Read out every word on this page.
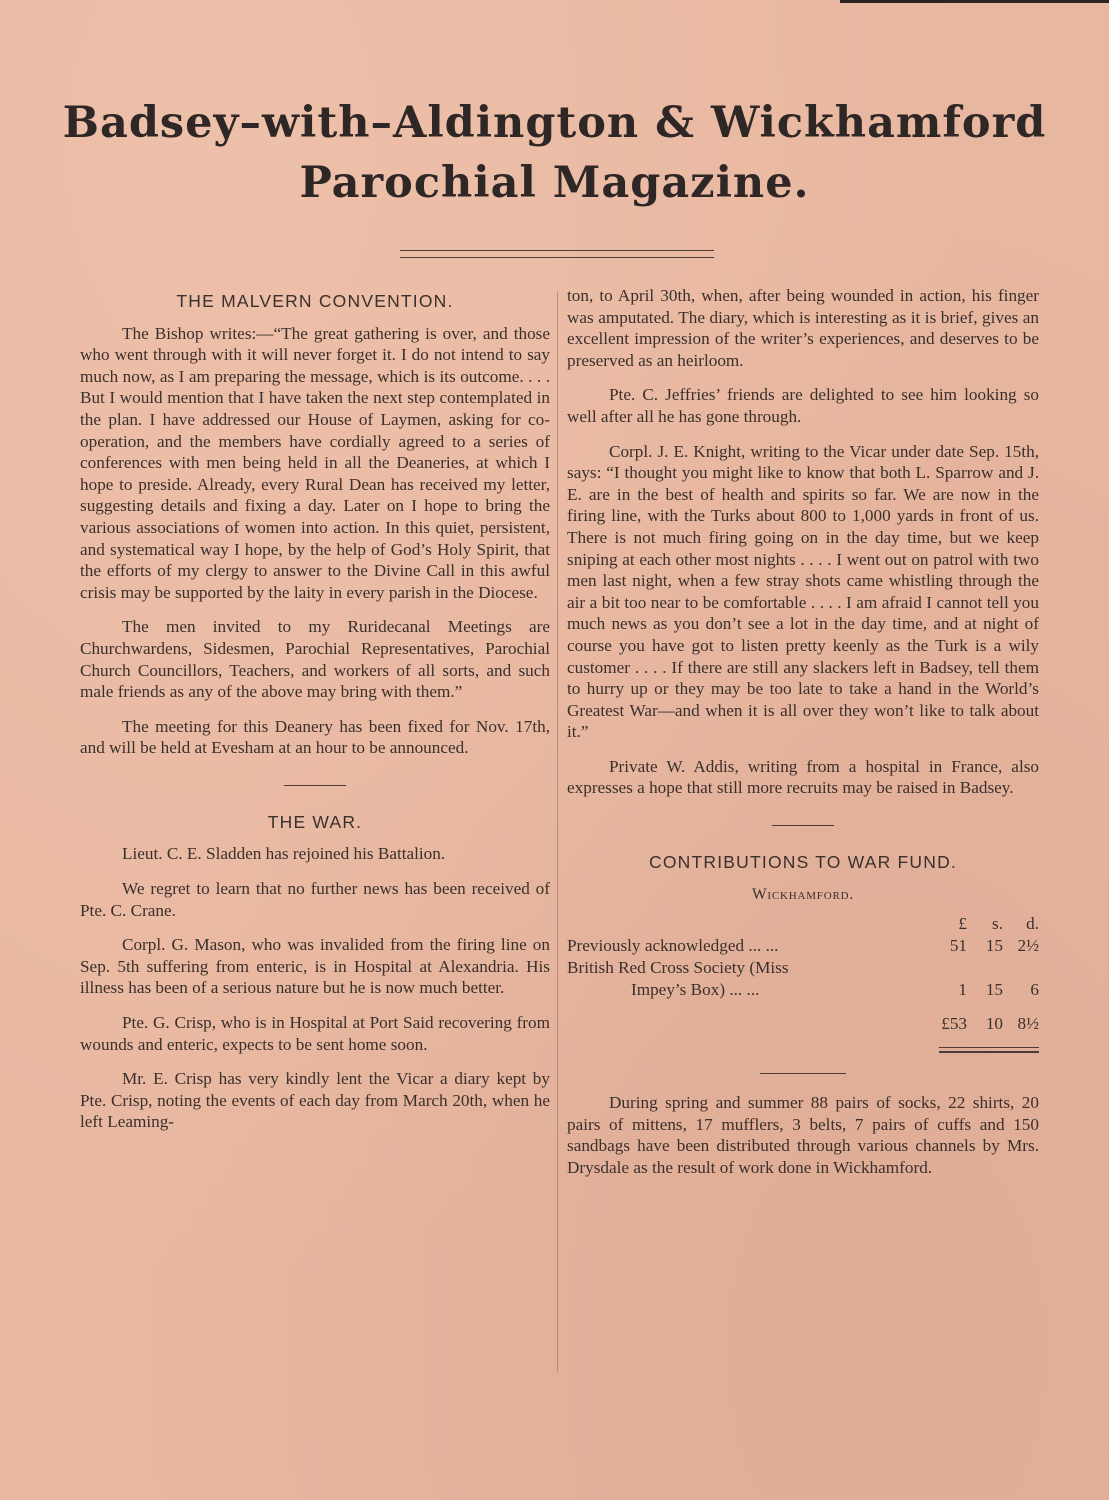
Badsey–with–Aldington & Wickhamford
Parochial Magazine.
THE MALVERN CONVENTION.

The Bishop writes:—“The great gathering is over, and those who went through with it will never forget it. I do not intend to say much now, as I am preparing the message, which is its outcome. . . . But I would mention that I have taken the next step contemplated in the plan. I have addressed our House of Laymen, asking for co-operation, and the members have cordially agreed to a series of conferences with men being held in all the Deaneries, at which I hope to preside. Already, every Rural Dean has received my letter, suggesting details and fixing a day. Later on I hope to bring the various associations of women into action. In this quiet, persistent, and systematical way I hope, by the help of God’s Holy Spirit, that the efforts of my clergy to answer to the Divine Call in this awful crisis may be supported by the laity in every parish in the Diocese.

The men invited to my Ruridecanal Meetings are Churchwardens, Sidesmen, Parochial Representatives, Parochial Church Councillors, Teachers, and workers of all sorts, and such male friends as any of the above may bring with them.”

The meeting for this Deanery has been fixed for Nov. 17th, and will be held at Evesham at an hour to be announced.

THE WAR.

Lieut. C. E. Sladden has rejoined his Battalion.

We regret to learn that no further news has been received of Pte. C. Crane.

Corpl. G. Mason, who was invalided from the firing line on Sep. 5th suffering from enteric, is in Hospital at Alexandria. His illness has been of a serious nature but he is now much better.

Pte. G. Crisp, who is in Hospital at Port Said recovering from wounds and enteric, expects to be sent home soon.

Mr. E. Crisp has very kindly lent the Vicar a diary kept by Pte. Crisp, noting the events of each day from March 20th, when he left Leaming-

ton, to April 30th, when, after being wounded in action, his finger was amputated. The diary, which is interesting as it is brief, gives an excellent impression of the writer’s experiences, and deserves to be preserved as an heirloom.

Pte. C. Jeffries’ friends are delighted to see him looking so well after all he has gone through.

Corpl. J. E. Knight, writing to the Vicar under date Sep. 15th, says: “I thought you might like to know that both L. Sparrow and J. E. are in the best of health and spirits so far. We are now in the firing line, with the Turks about 800 to 1,000 yards in front of us. There is not much firing going on in the day time, but we keep sniping at each other most nights . . . . I went out on patrol with two men last night, when a few stray shots came whistling through the air a bit too near to be comfortable . . . . I am afraid I cannot tell you much news as you don’t see a lot in the day time, and at night of course you have got to listen pretty keenly as the Turk is a wily customer . . . . If there are still any slackers left in Badsey, tell them to hurry up or they may be too late to take a hand in the World’s Greatest War—and when it is all over they won’t like to talk about it.”

Private W. Addis, writing from a hospital in France, also expresses a hope that still more recruits may be raised in Badsey.

CONTRIBUTIONS TO WAR FUND.
Wickhamford.
	£	s.	d.
Previously acknowledged ... ...	51	15	2½
British Red Cross Society (Miss			
Impey’s Box) ... ...	1	15	6
	£53	10	8½

During spring and summer 88 pairs of socks, 22 shirts, 20 pairs of mittens, 17 mufflers, 3 belts, 7 pairs of cuffs and 150 sandbags have been distributed through various channels by Mrs. Drysdale as the result of work done in Wickhamford.
